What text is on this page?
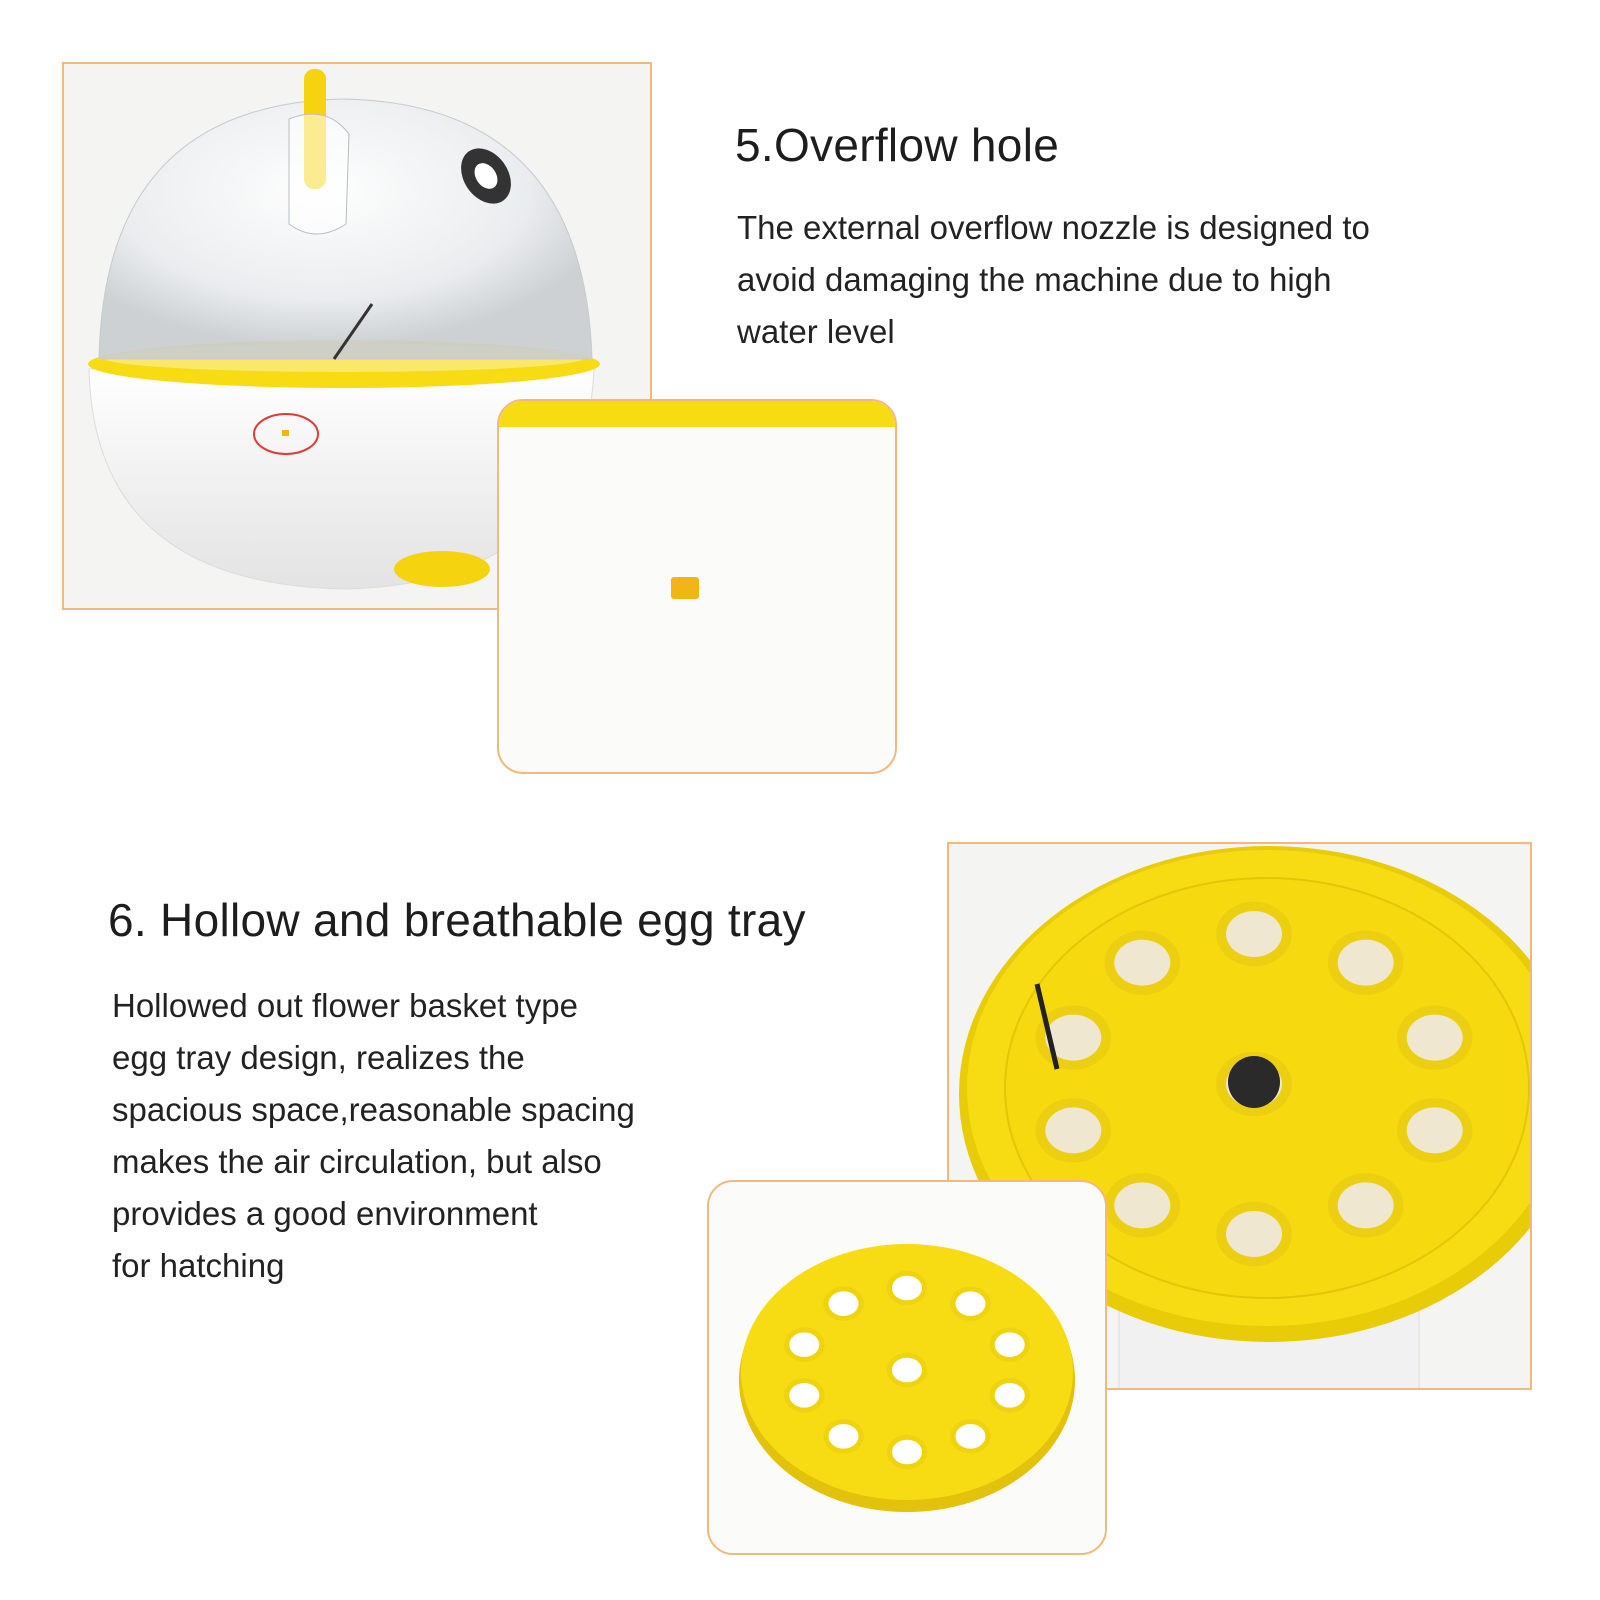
5.Overflow hole
The external overflow nozzle is designed to
avoid damaging the machine due to high
water level
6. Hollow and breathable egg tray
Hollowed out flower basket type
egg tray design, realizes the
spacious space,reasonable spacing
makes the air circulation, but also
provides a good environment
for hatching
